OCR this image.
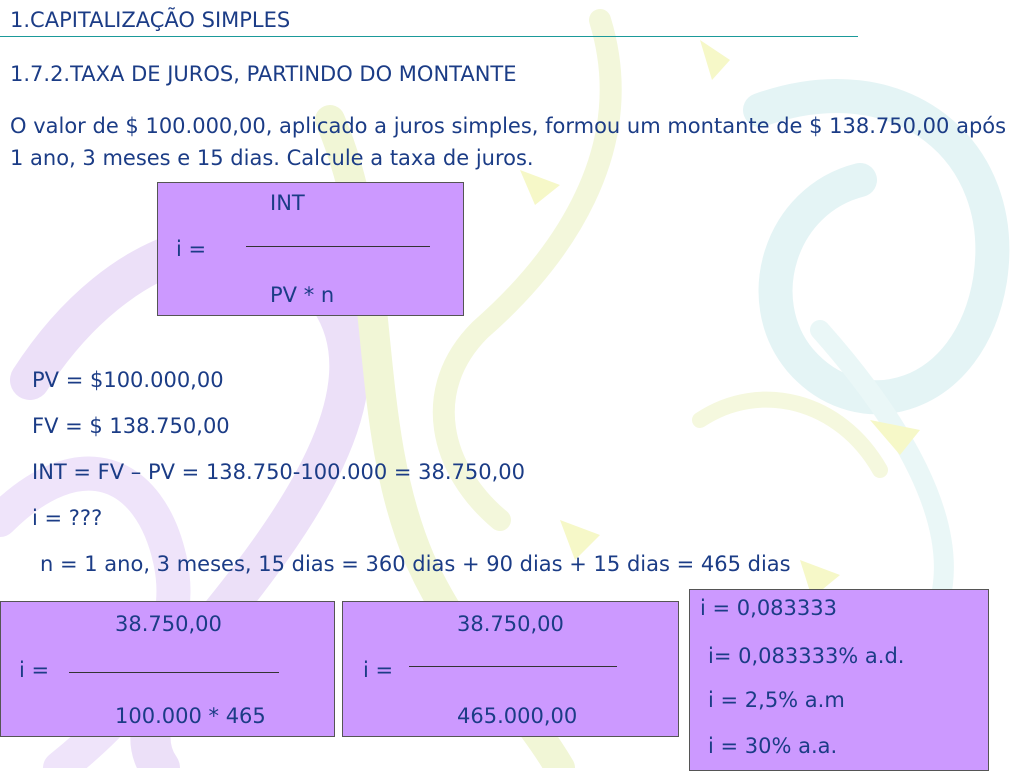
1.CAPITALIZAÇÃO SIMPLES
1.7.2.TAXA DE JUROS, PARTINDO DO MONTANTE
O valor de $ 100.000,00, aplicado a juros simples, formou um montante de $ 138.750,00 após 1 ano, 3 meses e 15 dias. Calcule a taxa de juros.
INT
i =
PV * n
PV = $100.000,00
FV = $ 138.750,00
INT = FV – PV = 138.750-100.000 = 38.750,00
i = ???
n = 1 ano, 3 meses, 15 dias = 360 dias + 90 dias + 15 dias = 465 dias
38.750,00
i =
100.000 * 465
38.750,00
i =
465.000,00
i = 0,083333
i= 0,083333% a.d.
i = 2,5% a.m
i = 30% a.a.
